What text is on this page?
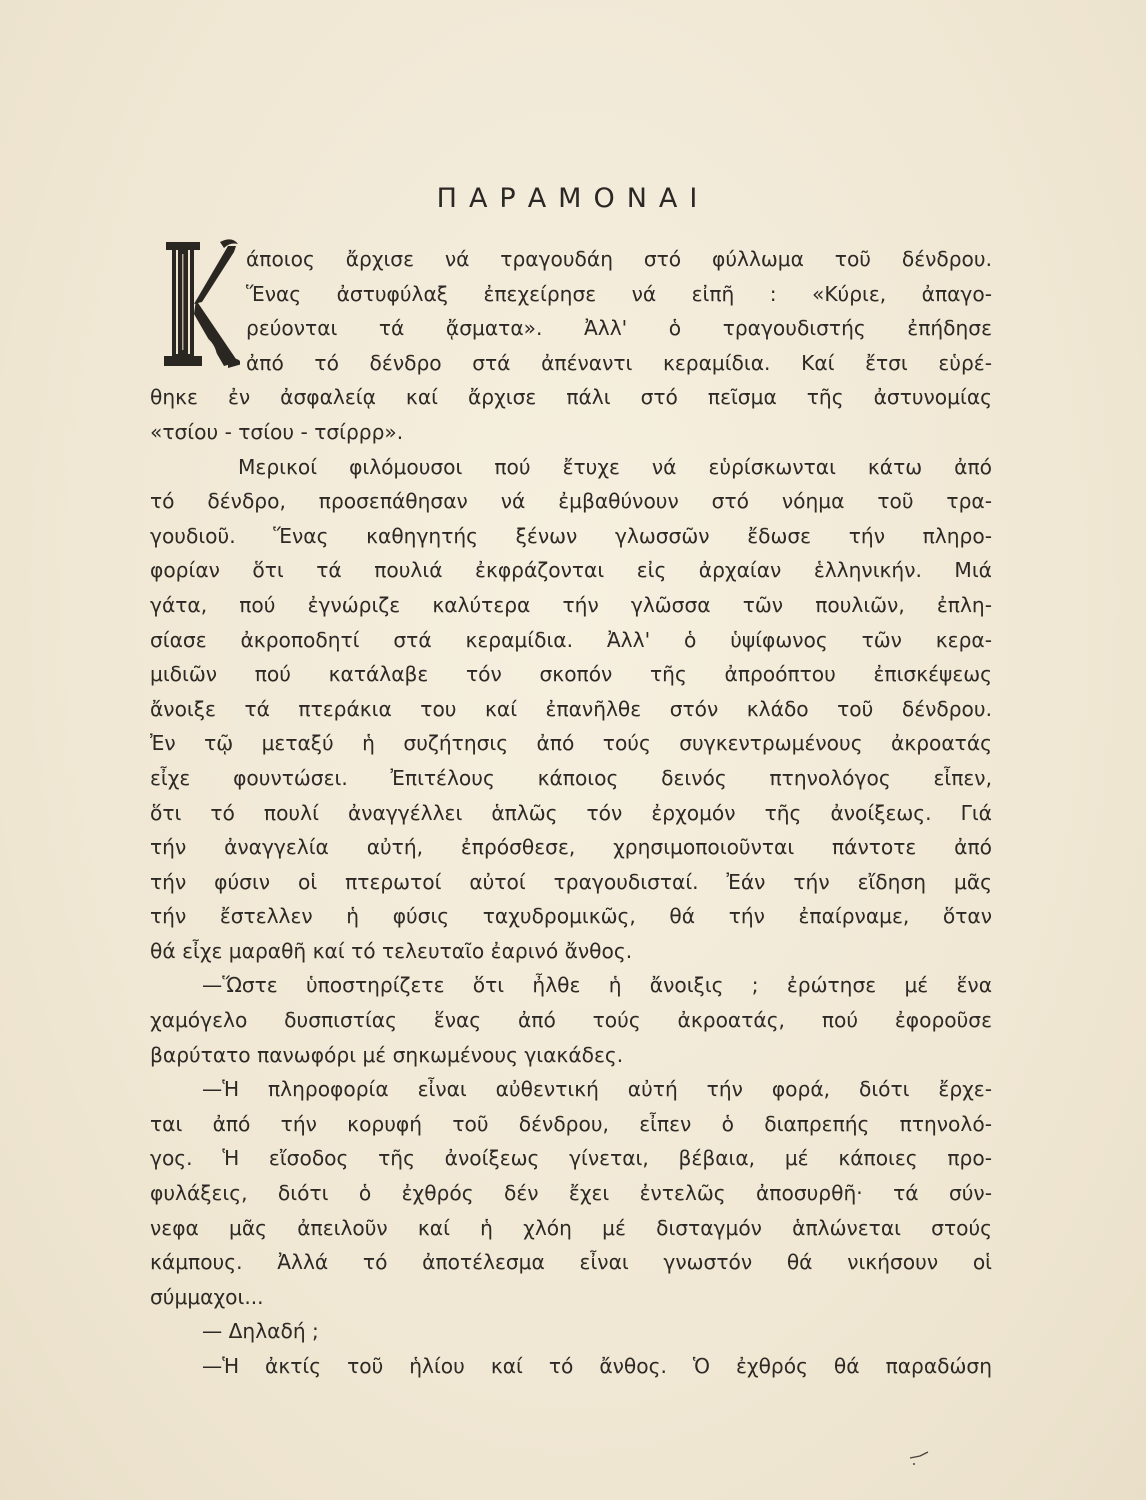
ΠΑΡΑΜΟΝΑΙ
άποιος ἄρχισε νά τραγουδάη στό φύλλωμα τοῦ δένδρου.
Ἕνας ἀστυφύλαξ ἐπεχείρησε νά εἰπῆ : «Κύριε, ἀπαγο-
ρεύονται τά ᾄσματα». Ἀλλ' ὁ τραγουδιστής ἐπήδησε
ἀπό τό δένδρο στά ἀπέναντι κεραμίδια. Καί ἔτσι εὑρέ-
θηκε ἐν ἀσφαλείᾳ καί ἄρχισε πάλι στό πεῖσμα τῆς ἀστυνομίας
«τσίου - τσίου - τσίρρρ».
Μερικοί φιλόμουσοι πού ἔτυχε νά εὑρίσκωνται κάτω ἀπό
τό δένδρο, προσεπάθησαν νά ἐμβαθύνουν στό νόημα τοῦ τρα-
γουδιοῦ. Ἕνας καθηγητής ξένων γλωσσῶν ἔδωσε τήν πληρο-
φορίαν ὅτι τά πουλιά ἐκφράζονται εἰς ἀρχαίαν ἑλληνικήν. Μιά
γάτα, πού ἐγνώριζε καλύτερα τήν γλῶσσα τῶν πουλιῶν, ἐπλη-
σίασε ἀκροποδητί στά κεραμίδια. Ἀλλ' ὁ ὑψίφωνος τῶν κερα-
μιδιῶν πού κατάλαβε τόν σκοπόν τῆς ἀπροόπτου ἐπισκέψεως
ἄνοιξε τά πτεράκια του καί ἐπανῆλθε στόν κλάδο τοῦ δένδρου.
Ἐν τῷ μεταξύ ἡ συζήτησις ἀπό τούς συγκεντρωμένους ἀκροατάς
εἶχε φουντώσει. Ἐπιτέλους κάποιος δεινός πτηνολόγος εἶπεν,
ὅτι τό πουλί ἀναγγέλλει ἁπλῶς τόν ἐρχομόν τῆς ἀνοίξεως. Γιά
τήν ἀναγγελία αὐτή, ἐπρόσθεσε, χρησιμοποιοῦνται πάντοτε ἀπό
τήν φύσιν οἱ πτερωτοί αὐτοί τραγουδισταί. Ἐάν τήν εἴδηση μᾶς
τήν ἔστελλεν ἡ φύσις ταχυδρομικῶς, θά τήν ἐπαίρναμε, ὅταν
θά εἶχε μαραθῆ καί τό τελευταῖο ἐαρινό ἄνθος.
—Ὥστε ὑποστηρίζετε ὅτι ἦλθε ἡ ἄνοιξις ; ἐρώτησε μέ ἕνα
χαμόγελο δυσπιστίας ἕνας ἀπό τούς ἀκροατάς, πού ἐφοροῦσε
βαρύτατο πανωφόρι μέ σηκωμένους γιακάδες.
—Ἡ πληροφορία εἶναι αὐθεντική αὐτή τήν φορά, διότι ἔρχε-
ται ἀπό τήν κορυφή τοῦ δένδρου, εἶπεν ὁ διαπρεπής πτηνολό-
γος. Ἡ εἴσοδος τῆς ἀνοίξεως γίνεται, βέβαια, μέ κάποιες προ-
φυλάξεις, διότι ὁ ἐχθρός δέν ἔχει ἐντελῶς ἀποσυρθῆ· τά σύν-
νεφα μᾶς ἀπειλοῦν καί ἡ χλόη μέ δισταγμόν ἁπλώνεται στούς
κάμπους. Ἀλλά τό ἀποτέλεσμα εἶναι γνωστόν θά νικήσουν οἱ
σύμμαχοι...
— Δηλαδή ;
—Ἡ ἀκτίς τοῦ ἡλίου καί τό ἄνθος. Ὁ ἐχθρός θά παραδώση
